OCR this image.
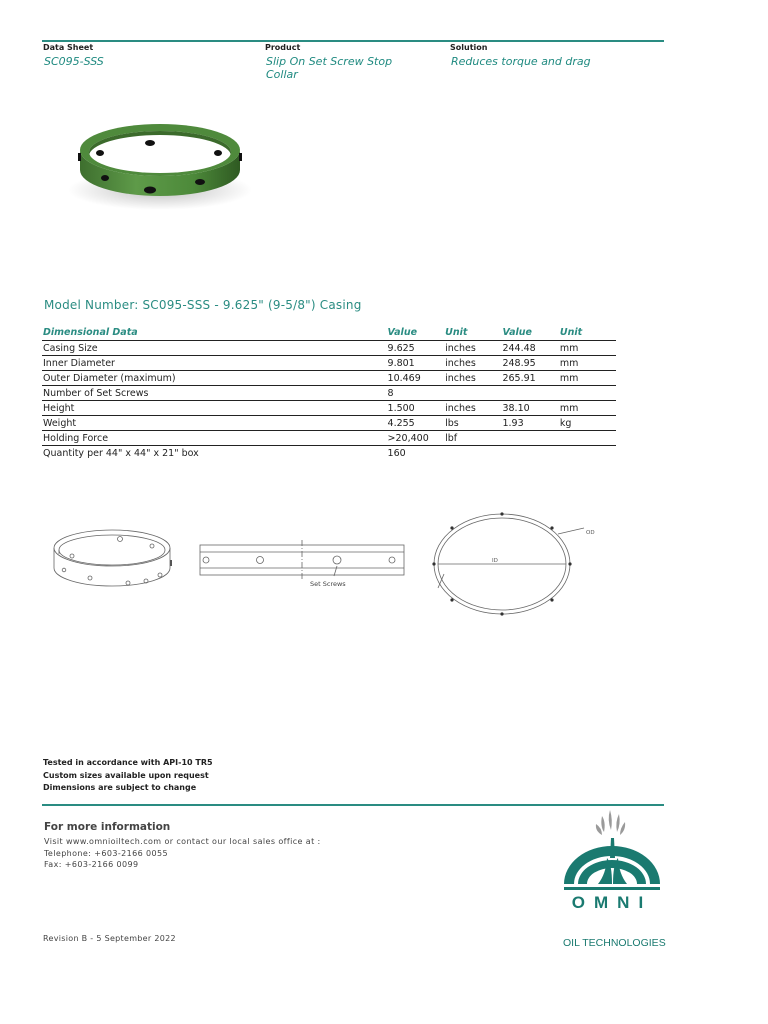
Data Sheet
SC095-SSS
Product
Slip On Set Screw Stop
Collar
Solution
Reduces torque and drag
Model Number: SC095-SSS - 9.625" (9-5/8") Casing
Dimensional Data	Value	Unit	Value	Unit
Casing Size	9.625	inches	244.48	mm
Inner Diameter	9.801	inches	248.95	mm
Outer Diameter (maximum)	10.469	inches	265.91	mm
Number of Set Screws	8			
Height	1.500	inches	38.10	mm
Weight	4.255	lbs	1.93	kg
Holding Force	>20,400	lbf		
Quantity per 44" x 44" x 21" box	160			
Set Screws
ID
OD
Tested in accordance with API-10 TR5
Custom sizes available upon request
Dimensions are subject to change
For more information
Visit www.omnioiltech.com or contact our local sales office at :
Telephone: +603-2166 0055
Fax: +603-2166 0099
Revision B - 5 September 2022
OMNI
OIL TECHNOLOGIES
